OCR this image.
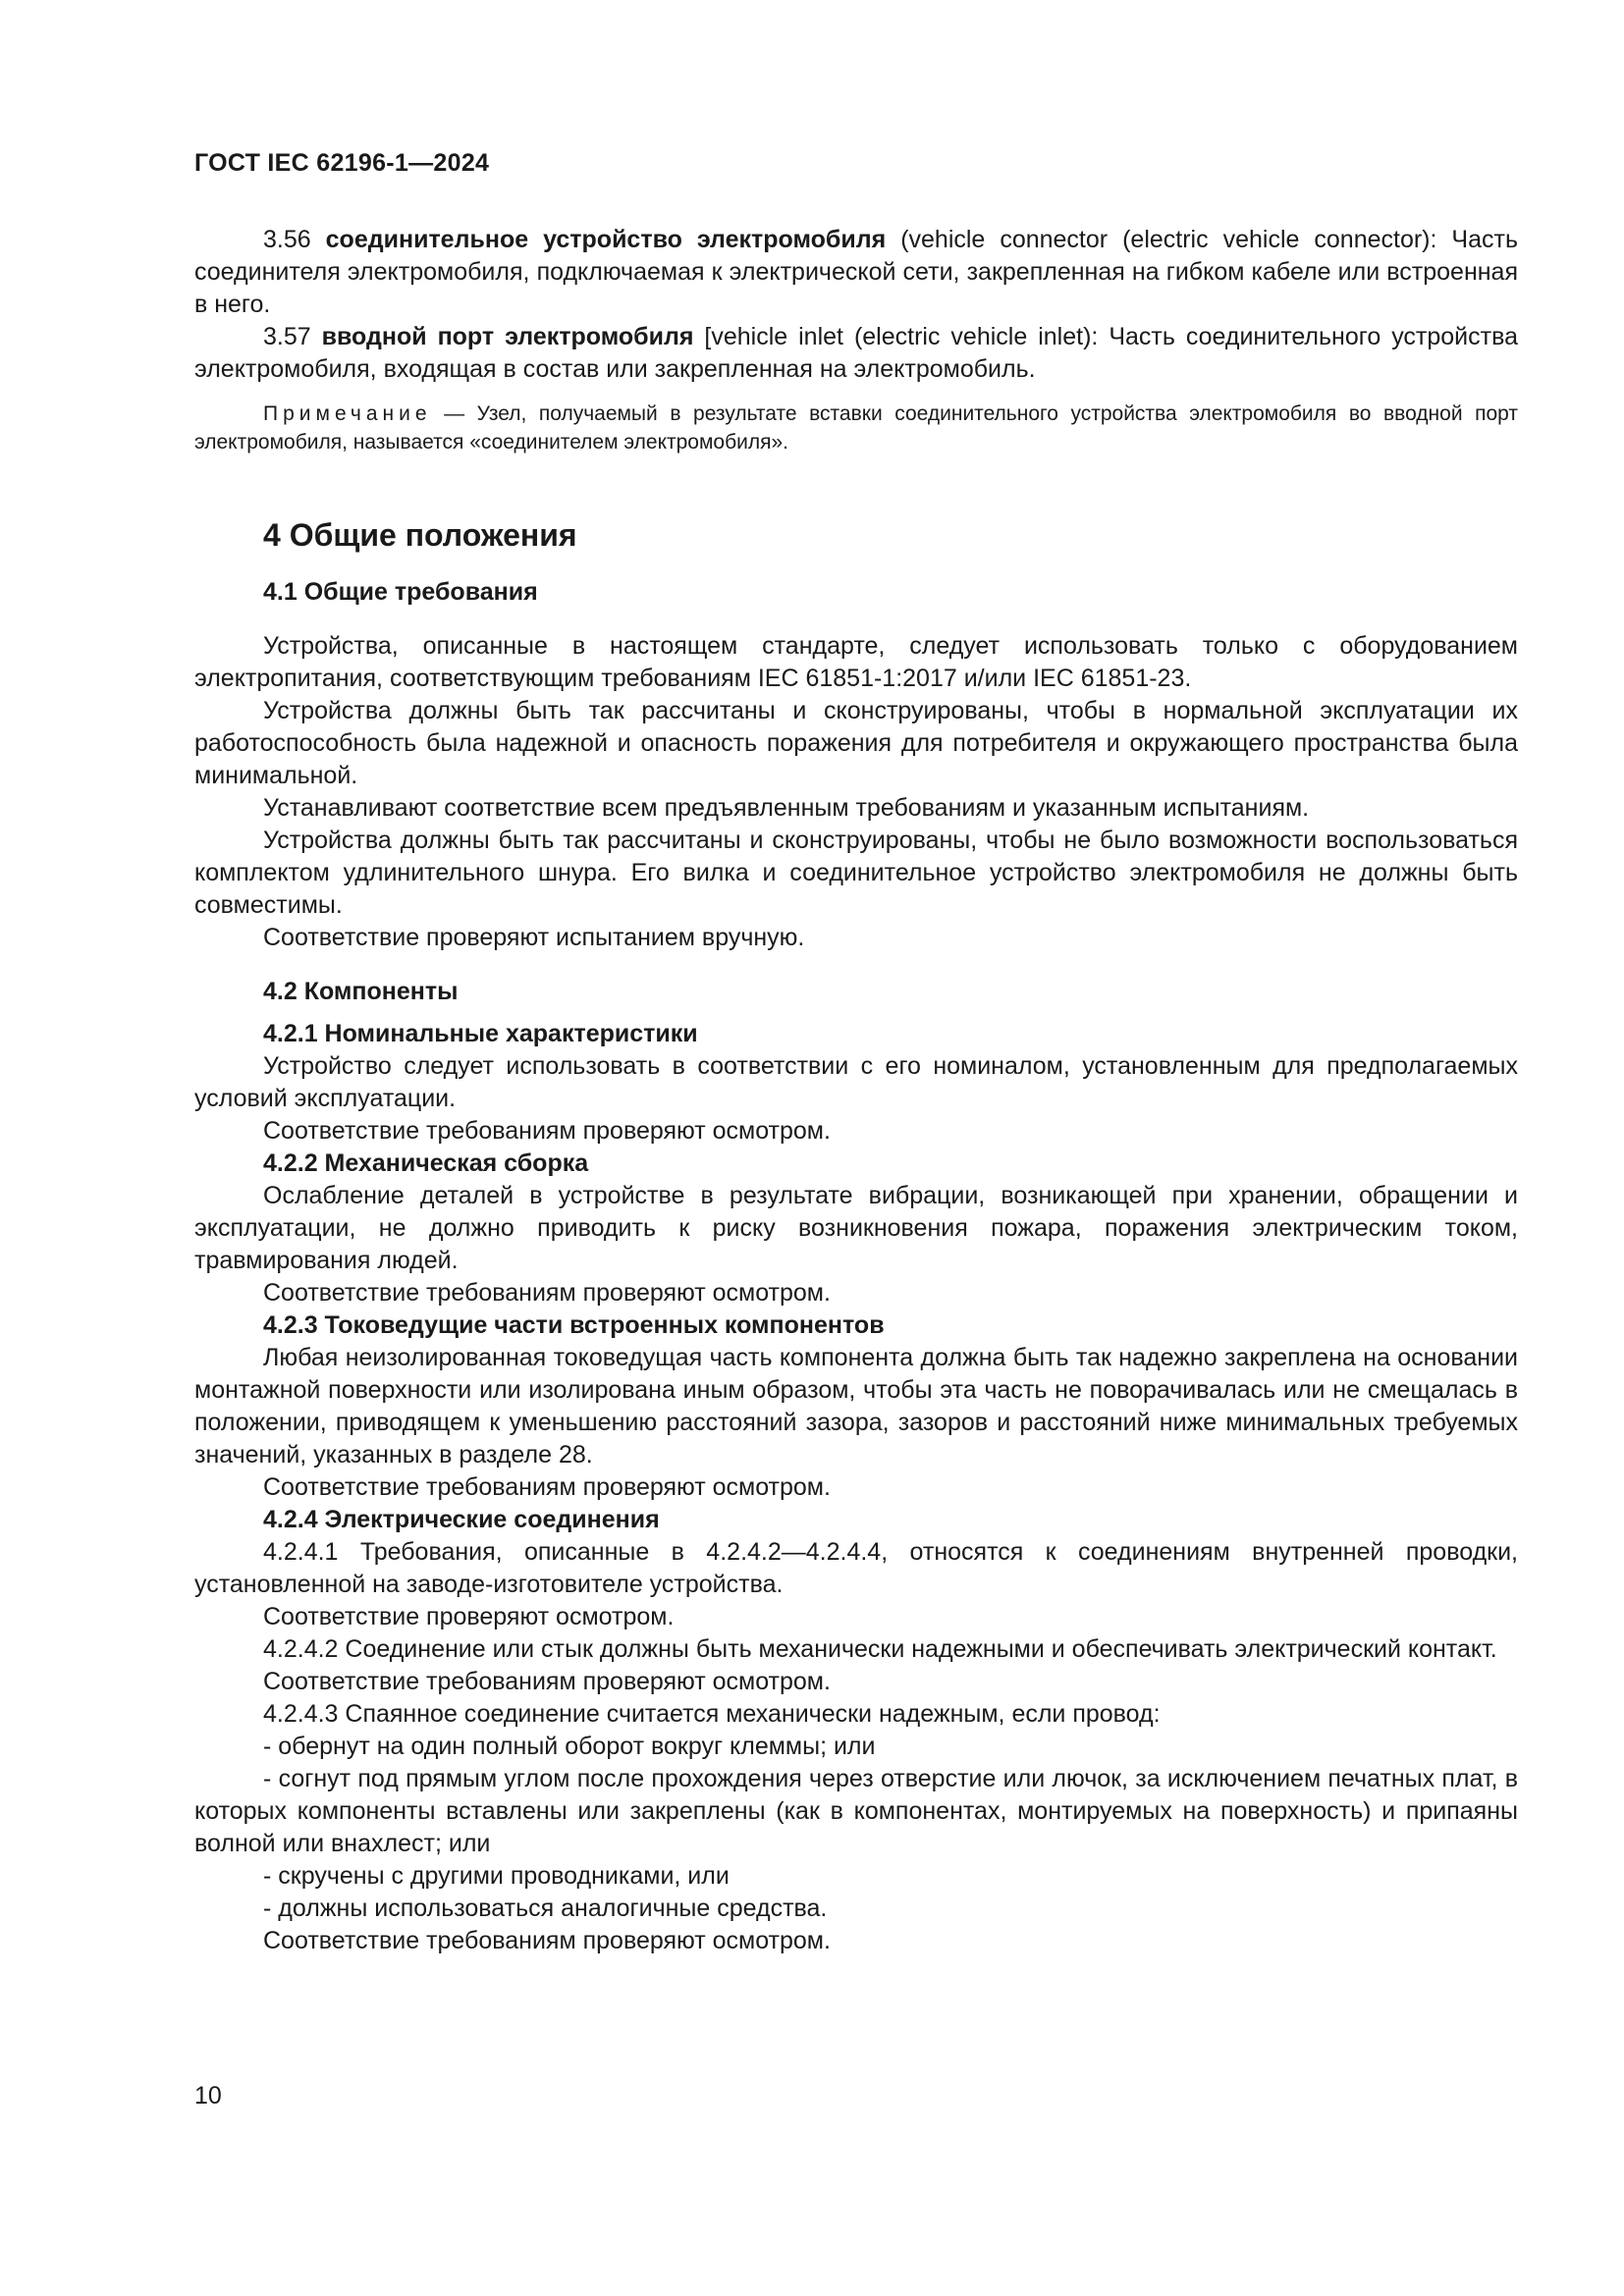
ГОСТ IEC 62196-1—2024

3.56 соединительное устройство электромобиля (vehicle connector (electric vehicle connector): Часть соединителя электромобиля, подключаемая к электрической сети, закрепленная на гибком кабеле или встроенная в него.

3.57 вводной порт электромобиля [vehicle inlet (electric vehicle inlet): Часть соединительного устройства электромобиля, входящая в состав или закрепленная на электромобиль.

Примечание — Узел, получаемый в результате вставки соединительного устройства электромобиля во вводной порт электромобиля, называется «соединителем электромобиля».
4 Общие положения
4.1 Общие требования

Устройства, описанные в настоящем стандарте, следует использовать только с оборудованием электропитания, соответствующим требованиям IEC 61851-1:2017 и/или IEC 61851-23.

Устройства должны быть так рассчитаны и сконструированы, чтобы в нормальной эксплуатации их работоспособность была надежной и опасность поражения для потребителя и окружающего пространства была минимальной.

Устанавливают соответствие всем предъявленным требованиям и указанным испытаниям.

Устройства должны быть так рассчитаны и сконструированы, чтобы не было возможности воспользоваться комплектом удлинительного шнура. Его вилка и соединительное устройство электромобиля не должны быть совместимы.

Соответствие проверяют испытанием вручную.

4.2 Компоненты
4.2.1 Номинальные характеристики

Устройство следует использовать в соответствии с его номиналом, установленным для предполагаемых условий эксплуатации.

Соответствие требованиям проверяют осмотром.

4.2.2 Механическая сборка

Ослабление деталей в устройстве в результате вибрации, возникающей при хранении, обращении и эксплуатации, не должно приводить к риску возникновения пожара, поражения электрическим током, травмирования людей.

Соответствие требованиям проверяют осмотром.

4.2.3 Токоведущие части встроенных компонентов

Любая неизолированная токоведущая часть компонента должна быть так надежно закреплена на основании монтажной поверхности или изолирована иным образом, чтобы эта часть не поворачивалась или не смещалась в положении, приводящем к уменьшению расстояний зазора, зазоров и расстояний ниже минимальных требуемых значений, указанных в разделе 28.

Соответствие требованиям проверяют осмотром.

4.2.4 Электрические соединения

4.2.4.1 Требования, описанные в 4.2.4.2—4.2.4.4, относятся к соединениям внутренней проводки, установленной на заводе-изготовителе устройства.

Соответствие проверяют осмотром.

4.2.4.2 Соединение или стык должны быть механически надежными и обеспечивать электрический контакт.

Соответствие требованиям проверяют осмотром.

4.2.4.3 Спаянное соединение считается механически надежным, если провод:

- обернут на один полный оборот вокруг клеммы; или

- согнут под прямым углом после прохождения через отверстие или лючок, за исключением печатных плат, в которых компоненты вставлены или закреплены (как в компонентах, монтируемых на поверхность) и припаяны волной или внахлест; или

- скручены с другими проводниками, или

- должны использоваться аналогичные средства.

Соответствие требованиям проверяют осмотром.

10
